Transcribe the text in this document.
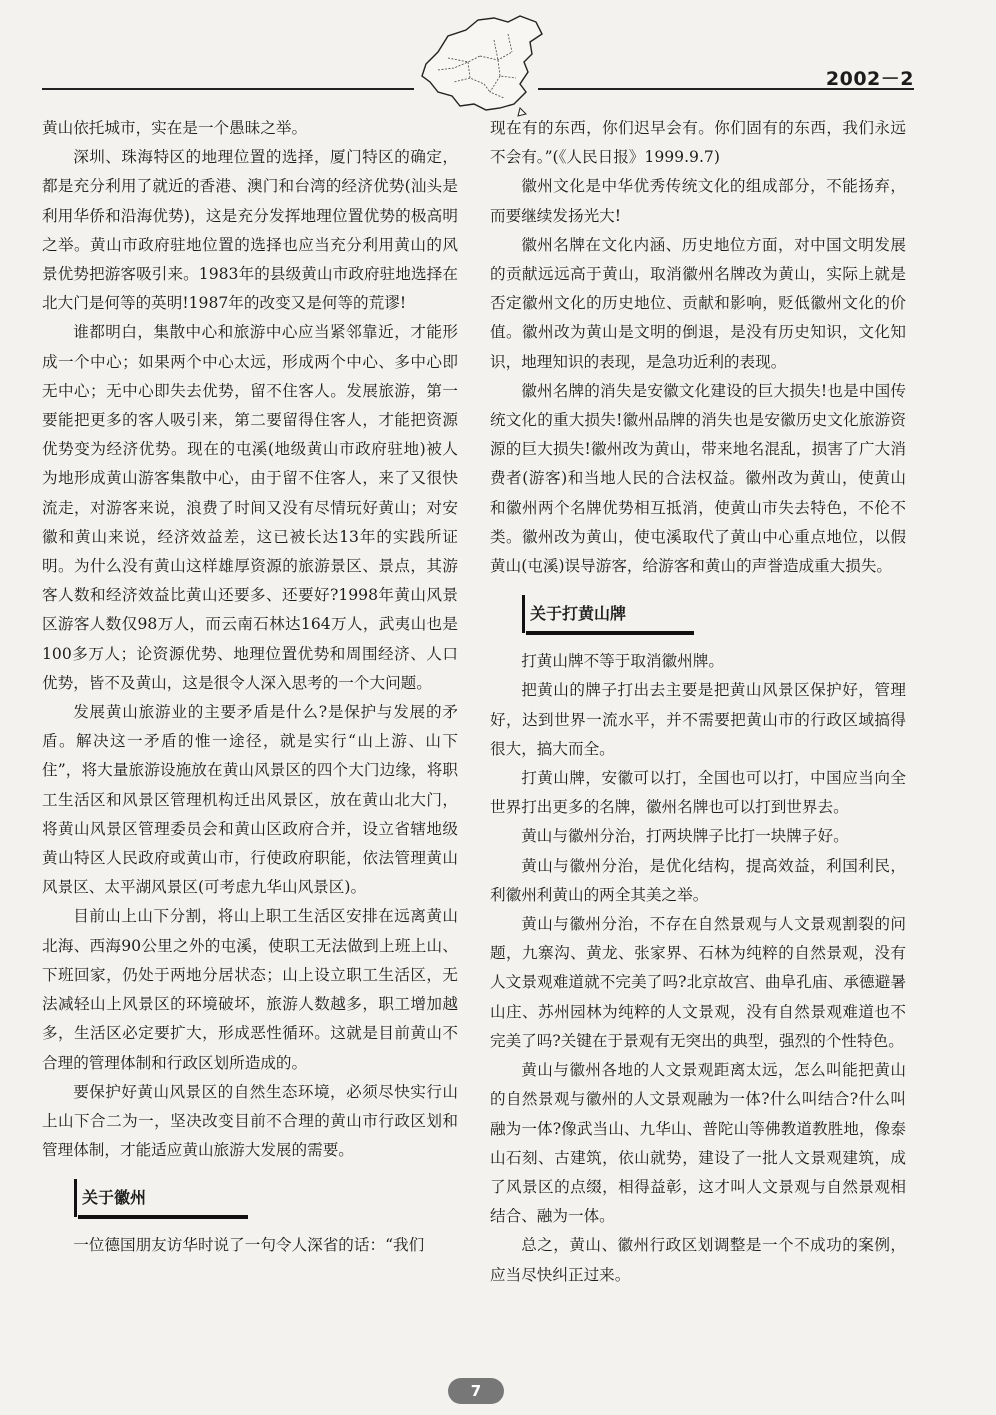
2002－2

黄山依托城市，实在是一个愚昧之举。

深圳、珠海特区的地理位置的选择，厦门特区的确定，都是充分利用了就近的香港、澳门和台湾的经济优势(汕头是利用华侨和沿海优势)，这是充分发挥地理位置优势的极高明之举。黄山市政府驻地位置的选择也应当充分利用黄山的风景优势把游客吸引来。1983年的县级黄山市政府驻地选择在北大门是何等的英明!1987年的改变又是何等的荒谬!

谁都明白，集散中心和旅游中心应当紧邻靠近，才能形成一个中心；如果两个中心太远，形成两个中心、多中心即无中心；无中心即失去优势，留不住客人。发展旅游，第一要能把更多的客人吸引来，第二要留得住客人，才能把资源优势变为经济优势。现在的屯溪(地级黄山市政府驻地)被人为地形成黄山游客集散中心，由于留不住客人，来了又很快流走，对游客来说，浪费了时间又没有尽情玩好黄山；对安徽和黄山来说，经济效益差，这已被长达13年的实践所证明。为什么没有黄山这样雄厚资源的旅游景区、景点，其游客人数和经济效益比黄山还要多、还要好?1998年黄山风景区游客人数仅98万人，而云南石林达164万人，武夷山也是100多万人；论资源优势、地理位置优势和周围经济、人口优势，皆不及黄山，这是很令人深入思考的一个大问题。

发展黄山旅游业的主要矛盾是什么?是保护与发展的矛盾。解决这一矛盾的惟一途径，就是实行“山上游、山下住”，将大量旅游设施放在黄山风景区的四个大门边缘，将职工生活区和风景区管理机构迁出风景区，放在黄山北大门，将黄山风景区管理委员会和黄山区政府合并，设立省辖地级黄山特区人民政府或黄山市，行使政府职能，依法管理黄山风景区、太平湖风景区(可考虑九华山风景区)。

目前山上山下分割，将山上职工生活区安排在远离黄山北海、西海90公里之外的屯溪，使职工无法做到上班上山、下班回家，仍处于两地分居状态；山上设立职工生活区，无法减轻山上风景区的环境破坏，旅游人数越多，职工增加越多，生活区必定要扩大，形成恶性循环。这就是目前黄山不合理的管理体制和行政区划所造成的。

要保护好黄山风景区的自然生态环境，必须尽快实行山上山下合二为一，坚决改变目前不合理的黄山市行政区划和管理体制，才能适应黄山旅游大发展的需要。

关于徽州

一位德国朋友访华时说了一句令人深省的话：“我们

现在有的东西，你们迟早会有。你们固有的东西，我们永远不会有。”(《人民日报》1999.9.7)

徽州文化是中华优秀传统文化的组成部分，不能扬弃，而要继续发扬光大!

徽州名牌在文化内涵、历史地位方面，对中国文明发展的贡献远远高于黄山，取消徽州名牌改为黄山，实际上就是否定徽州文化的历史地位、贡献和影响，贬低徽州文化的价值。徽州改为黄山是文明的倒退，是没有历史知识，文化知识，地理知识的表现，是急功近利的表现。

徽州名牌的消失是安徽文化建设的巨大损失!也是中国传统文化的重大损失!徽州品牌的消失也是安徽历史文化旅游资源的巨大损失!徽州改为黄山，带来地名混乱，损害了广大消费者(游客)和当地人民的合法权益。徽州改为黄山，使黄山和徽州两个名牌优势相互抵消，使黄山市失去特色，不伦不类。徽州改为黄山，使屯溪取代了黄山中心重点地位，以假黄山(屯溪)误导游客，给游客和黄山的声誉造成重大损失。

关于打黄山牌

打黄山牌不等于取消徽州牌。

把黄山的牌子打出去主要是把黄山风景区保护好，管理好，达到世界一流水平，并不需要把黄山市的行政区域搞得很大，搞大而全。

打黄山牌，安徽可以打，全国也可以打，中国应当向全世界打出更多的名牌，徽州名牌也可以打到世界去。

黄山与徽州分治，打两块牌子比打一块牌子好。

黄山与徽州分治，是优化结构，提高效益，利国利民，利徽州利黄山的两全其美之举。

黄山与徽州分治，不存在自然景观与人文景观割裂的问题，九寨沟、黄龙、张家界、石林为纯粹的自然景观，没有人文景观难道就不完美了吗?北京故宫、曲阜孔庙、承德避暑山庄、苏州园林为纯粹的人文景观，没有自然景观难道也不完美了吗?关键在于景观有无突出的典型，强烈的个性特色。

黄山与徽州各地的人文景观距离太远，怎么叫能把黄山的自然景观与徽州的人文景观融为一体?什么叫结合?什么叫融为一体?像武当山、九华山、普陀山等佛教道教胜地，像泰山石刻、古建筑，依山就势，建设了一批人文景观建筑，成了风景区的点缀，相得益彰，这才叫人文景观与自然景观相结合、融为一体。

总之，黄山、徽州行政区划调整是一个不成功的案例，应当尽快纠正过来。

7
